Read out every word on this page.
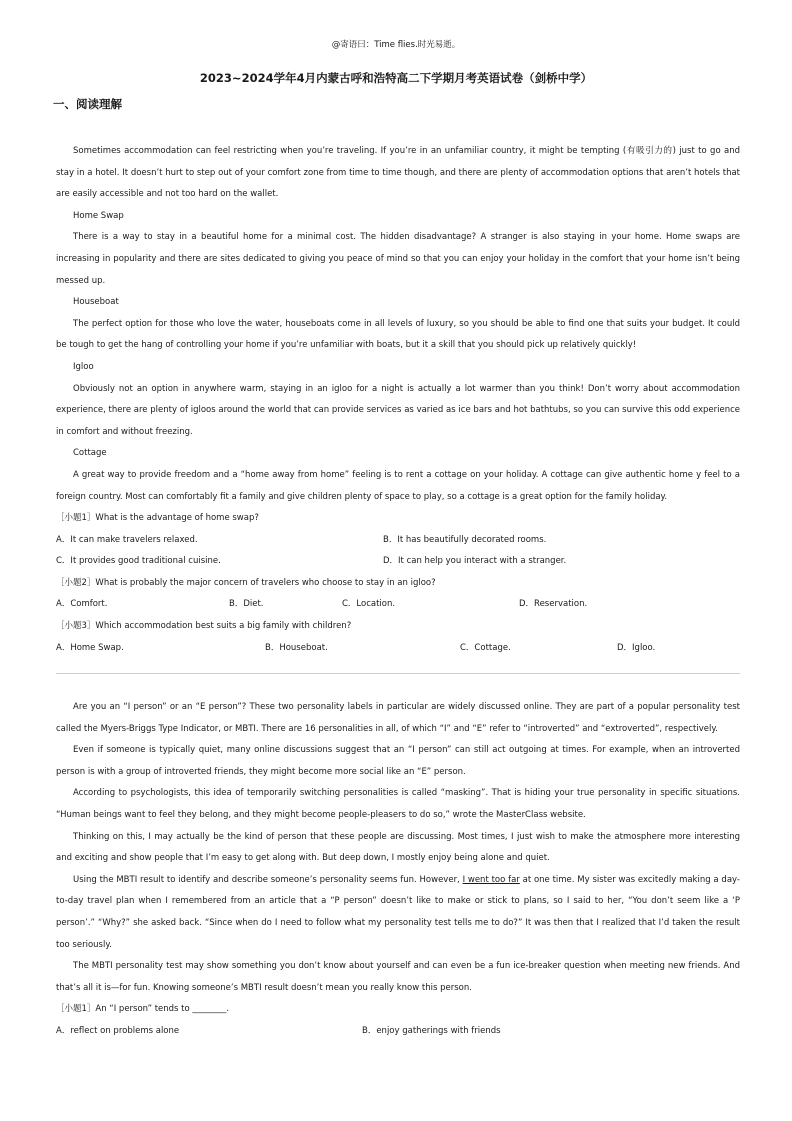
@寄语曰：Time flies.时光易逝。
2023~2024学年4月内蒙古呼和浩特高二下学期月考英语试卷（剑桥中学）
一、阅读理解

Sometimes accommodation can feel restricting when you’re traveling. If you’re in an unfamiliar country, it might be tempting (有吸引力的) just to go and stay in a hotel. It doesn’t hurt to step out of your comfort zone from time to time though, and there are plenty of accommodation options that aren’t hotels that are easily accessible and not too hard on the wallet.

Home Swap

There is a way to stay in a beautiful home for a minimal cost. The hidden disadvantage? A stranger is also staying in your home. Home swaps are increasing in popularity and there are sites dedicated to giving you peace of mind so that you can enjoy your holiday in the comfort that your home isn’t being messed up.

Houseboat

The perfect option for those who love the water, houseboats come in all levels of luxury, so you should be able to find one that suits your budget. It could be tough to get the hang of controlling your home if you’re unfamiliar with boats, but it a skill that you should pick up relatively quickly!

Igloo

Obviously not an option in anywhere warm, staying in an igloo for a night is actually a lot warmer than you think! Don’t worry about accommodation experience, there are plenty of igloos around the world that can provide services as varied as ice bars and hot bathtubs, so you can survive this odd experience in comfort and without freezing.

Cottage

A great way to provide freedom and a “home away from home” feeling is to rent a cottage on your holiday. A cottage can give authentic home y feel to a foreign country. Most can comfortably fit a family and give children plenty of space to play, so a cottage is a great option for the family holiday.

［小题1］What is the advantage of home swap?

A．It can make travelers relaxed.	B．It has beautifully decorated rooms.
C．It provides good traditional cuisine.	D．It can help you interact with a stranger.

［小题2］What is probably the major concern of travelers who choose to stay in an igloo?

A．Comfort.	B．Diet.	C．Location.	D．Reservation.

［小题3］Which accommodation best suits a big family with children?

A．Home Swap.	B．Houseboat.	C．Cottage.	D．Igloo.

Are you an “I person” or an “E person”? These two personality labels in particular are widely discussed online. They are part of a popular personality test called the Myers-Briggs Type Indicator, or MBTI. There are 16 personalities in all, of which “I” and “E” refer to “introverted” and “extroverted”, respectively.

Even if someone is typically quiet, many online discussions suggest that an “I person” can still act outgoing at times. For example, when an introverted person is with a group of introverted friends, they might become more social like an “E” person.

According to psychologists, this idea of temporarily switching personalities is called “masking”. That is hiding your true personality in specific situations. “Human beings want to feel they belong, and they might become people-pleasers to do so,” wrote the MasterClass website.

Thinking on this, I may actually be the kind of person that these people are discussing. Most times, I just wish to make the atmosphere more interesting and exciting and show people that I’m easy to get along with. But deep down, I mostly enjoy being alone and quiet.

Using the MBTI result to identify and describe someone’s personality seems fun. However, I went too far at one time. My sister was excitedly making a day-to-day travel plan when I remembered from an article that a “P person” doesn’t like to make or stick to plans, so I said to her, “You don’t seem like a ‘P person’.” “Why?” she asked back. “Since when do I need to follow what my personality test tells me to do?” It was then that I realized that I’d taken the result too seriously.

The MBTI personality test may show something you don’t know about yourself and can even be a fun ice-breaker question when meeting new friends. And that’s all it is—for fun. Knowing someone’s MBTI result doesn’t mean you really know this person.

［小题1］An “I person” tends to ________.

A．reflect on problems alone	B．enjoy gatherings with friends
